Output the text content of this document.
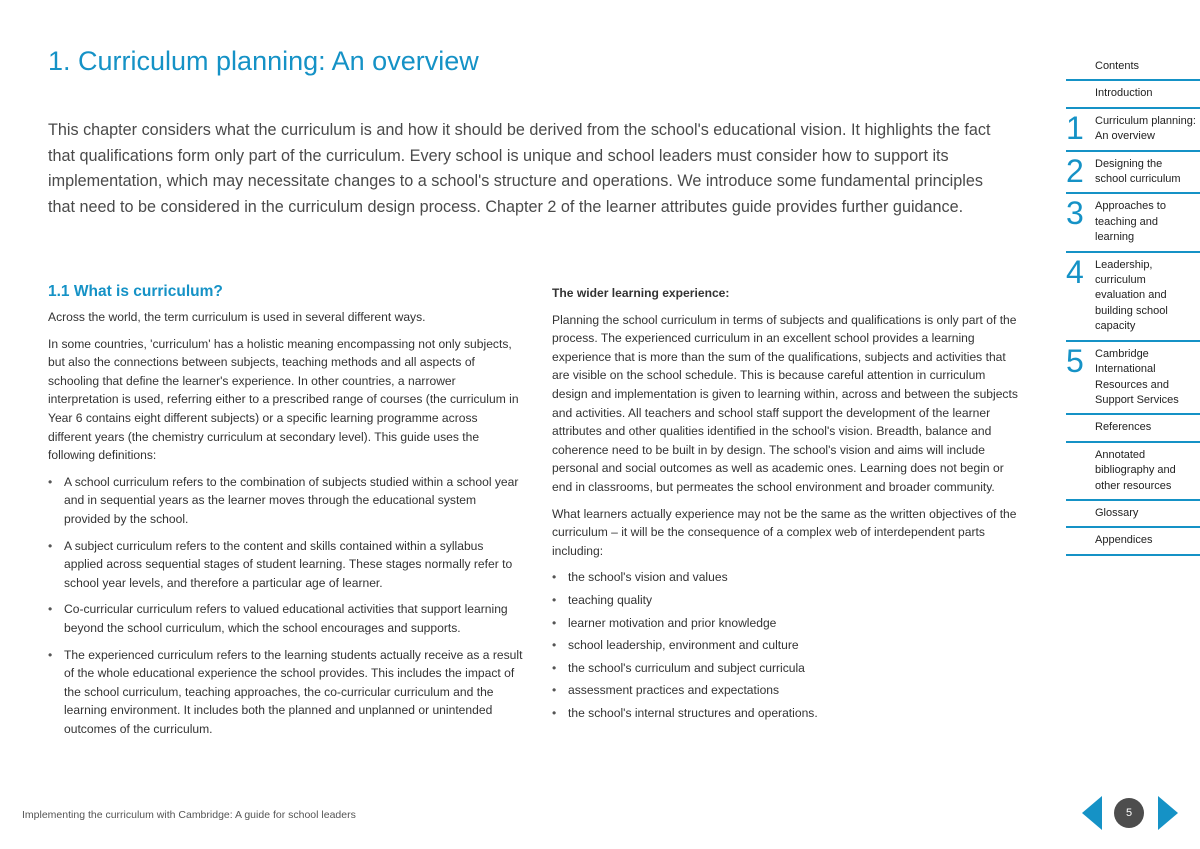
1. Curriculum planning: An overview

This chapter considers what the curriculum is and how it should be derived from the school's educational vision. It highlights the fact that qualifications form only part of the curriculum. Every school is unique and school leaders must consider how to support its implementation, which may necessitate changes to a school's structure and operations. We introduce some fundamental principles that need to be considered in the curriculum design process. Chapter 2 of the learner attributes guide provides further guidance.

1.1 What is curriculum?

Across the world, the term curriculum is used in several different ways.

In some countries, 'curriculum' has a holistic meaning encompassing not only subjects, but also the connections between subjects, teaching methods and all aspects of schooling that define the learner's experience. In other countries, a narrower interpretation is used, referring either to a prescribed range of courses (the curriculum in Year 6 contains eight different subjects) or a specific learning programme across different years (the chemistry curriculum at secondary level). This guide uses the following definitions:

• A school curriculum refers to the combination of subjects studied within a school year and in sequential years as the learner moves through the educational system provided by the school.
• A subject curriculum refers to the content and skills contained within a syllabus applied across sequential stages of student learning. These stages normally refer to school year levels, and therefore a particular age of learner.
• Co-curricular curriculum refers to valued educational activities that support learning beyond the school curriculum, which the school encourages and supports.
• The experienced curriculum refers to the learning students actually receive as a result of the whole educational experience the school provides. This includes the impact of the school curriculum, teaching approaches, the co-curricular curriculum and the learning environment. It includes both the planned and unplanned or unintended outcomes of the curriculum.

The wider learning experience:

Planning the school curriculum in terms of subjects and qualifications is only part of the process. The experienced curriculum in an excellent school provides a learning experience that is more than the sum of the qualifications, subjects and activities that are visible on the school schedule. This is because careful attention in curriculum design and implementation is given to learning within, across and between the subjects and activities. All teachers and school staff support the development of the learner attributes and other qualities identified in the school's vision. Breadth, balance and coherence need to be built in by design. The school's vision and aims will include personal and social outcomes as well as academic ones. Learning does not begin or end in classrooms, but permeates the school environment and broader community.

What learners actually experience may not be the same as the written objectives of the curriculum – it will be the consequence of a complex web of interdependent parts including:

• the school's vision and values
• teaching quality
• learner motivation and prior knowledge
• school leadership, environment and culture
• the school's curriculum and subject curricula
• assessment practices and expectations
• the school's internal structures and operations.
Contents
Introduction
1 Curriculum planning: An overview
2 Designing the school curriculum
3 Approaches to teaching and learning
4 Leadership, curriculum evaluation and building school capacity
5 Cambridge International Resources and Support Services
References
Annotated bibliography and other resources
Glossary
Appendices

Implementing the curriculum with Cambridge: A guide for school leaders	5
